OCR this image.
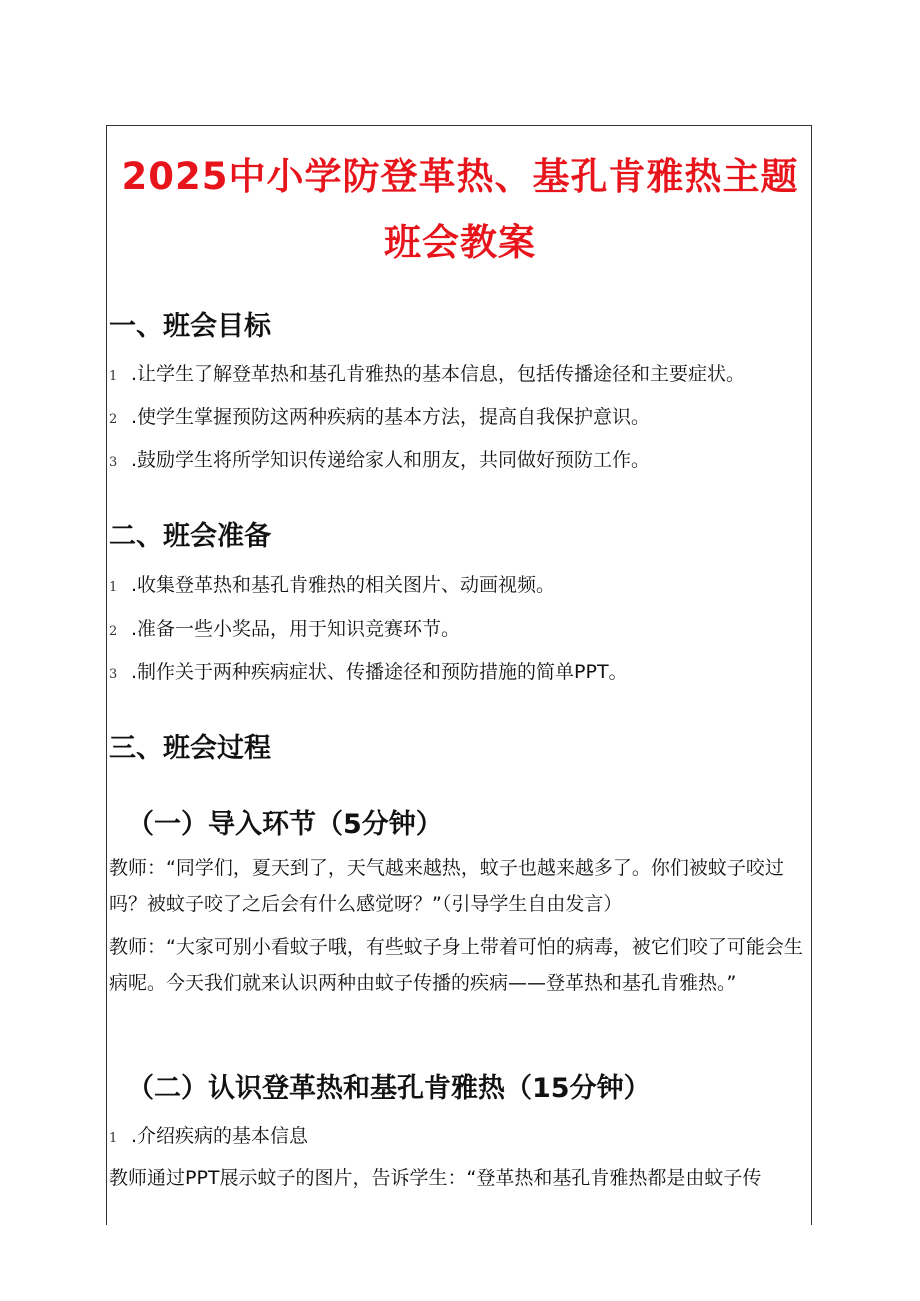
2025中小学防登革热、基孔肯雅热主题
班会教案
一、班会目标
1 .让学生了解登革热和基孔肯雅热的基本信息，包括传播途径和主要症状。
2 .使学生掌握预防这两种疾病的基本方法，提高自我保护意识。
3 .鼓励学生将所学知识传递给家人和朋友，共同做好预防工作。
二、班会准备
1 .收集登革热和基孔肯雅热的相关图片、动画视频。
2 .准备一些小奖品，用于知识竞赛环节。
3 .制作关于两种疾病症状、传播途径和预防措施的简单PPT。
三、班会过程
（一）导入环节（5分钟）

教师：“同学们，夏天到了，天气越来越热，蚊子也越来越多了。你们被蚊子咬过吗？被蚊子咬了之后会有什么感觉呀？”（引导学生自由发言）

教师：“大家可别小看蚊子哦，有些蚊子身上带着可怕的病毒，被它们咬了可能会生病呢。今天我们就来认识两种由蚊子传播的疾病——登革热和基孔肯雅热。”

（二）认识登革热和基孔肯雅热（15分钟）
1 .介绍疾病的基本信息

教师通过PPT展示蚊子的图片，告诉学生：“登革热和基孔肯雅热都是由蚊子传
